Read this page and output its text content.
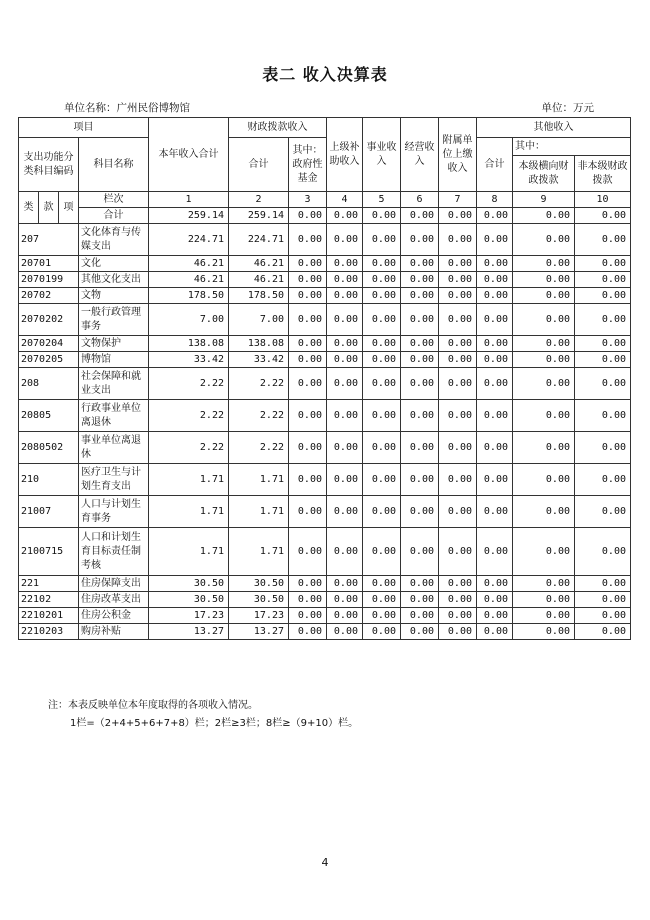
表二 收入决算表
单位名称：广州民俗博物馆	单位：万元
项目				本年收入合计	财政拨款收入		上级补助收入	事业收入	经营收入	附属单位上缴收入	其他收入		
支出功能分类科目编码			科目名称		合计	其中：政府性基金					合计	其中：	
												本级横向财政拨款	非本级财政拨款
类	款	项	栏次	1	2	3	4	5	6	7	8	9	10
			合计	259.14	259.14	0.00	0.00	0.00	0.00	0.00	0.00	0.00	0.00
207			文化体育与传媒支出	224.71	224.71	0.00	0.00	0.00	0.00	0.00	0.00	0.00	0.00
20701			文化	46.21	46.21	0.00	0.00	0.00	0.00	0.00	0.00	0.00	0.00
2070199			其他文化支出	46.21	46.21	0.00	0.00	0.00	0.00	0.00	0.00	0.00	0.00
20702			文物	178.50	178.50	0.00	0.00	0.00	0.00	0.00	0.00	0.00	0.00
2070202			一般行政管理事务	7.00	7.00	0.00	0.00	0.00	0.00	0.00	0.00	0.00	0.00
2070204			文物保护	138.08	138.08	0.00	0.00	0.00	0.00	0.00	0.00	0.00	0.00
2070205			博物馆	33.42	33.42	0.00	0.00	0.00	0.00	0.00	0.00	0.00	0.00
208			社会保障和就业支出	2.22	2.22	0.00	0.00	0.00	0.00	0.00	0.00	0.00	0.00
20805			行政事业单位离退休	2.22	2.22	0.00	0.00	0.00	0.00	0.00	0.00	0.00	0.00
2080502			事业单位离退休	2.22	2.22	0.00	0.00	0.00	0.00	0.00	0.00	0.00	0.00
210			医疗卫生与计划生育支出	1.71	1.71	0.00	0.00	0.00	0.00	0.00	0.00	0.00	0.00
21007			人口与计划生育事务	1.71	1.71	0.00	0.00	0.00	0.00	0.00	0.00	0.00	0.00
2100715			人口和计划生育目标责任制考核	1.71	1.71	0.00	0.00	0.00	0.00	0.00	0.00	0.00	0.00
221			住房保障支出	30.50	30.50	0.00	0.00	0.00	0.00	0.00	0.00	0.00	0.00
22102			住房改革支出	30.50	30.50	0.00	0.00	0.00	0.00	0.00	0.00	0.00	0.00
2210201			住房公积金	17.23	17.23	0.00	0.00	0.00	0.00	0.00	0.00	0.00	0.00
2210203			购房补贴	13.27	13.27	0.00	0.00	0.00	0.00	0.00	0.00	0.00	0.00
注：本表反映单位本年度取得的各项收入情况。
1栏=（2+4+5+6+7+8）栏；2栏≥3栏；8栏≥（9+10）栏。
4
